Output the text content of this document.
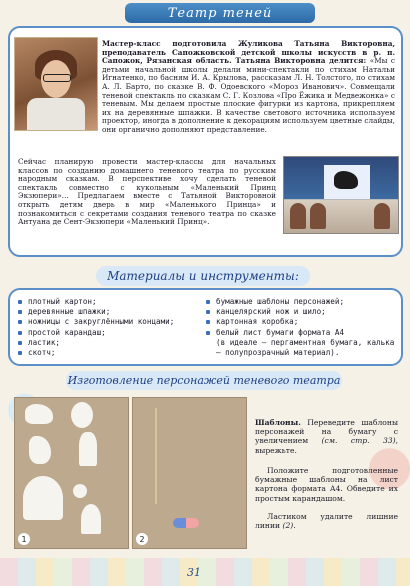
Театр теней

Мастер-класс подготовила Жуликова Татьяна Викторовна, преподаватель Сапожковской детской школы искусств в р. п. Сапожок, Рязанская область. Татьяна Викторовна делится: «Мы с детьми начальной школы делали мини-спектакли по стихам Натальи Игнатенко, по басням И. А. Крылова, рассказам Л. Н. Толстого, по стихам А. Л. Барто, по сказке В. Ф. Одоевского «Мороз Иванович». Совмещали теневой спектакль по сказкам С. Г. Козлова «Про Ёжика и Медвежонка» с теневым. Мы делаем простые плоские фигурки из картона, прикрепляем их на деревянные шпажки. В качестве светового источника используем проектор, иногда в дополнение к декорациям используем цветные слайды, они органично дополняют представление.

Сейчас планирую провести мастер-классы для начальных классов по созданию домашнего теневого театра по русским народным сказкам. В перспективе хочу сделать теневой спектакль совместно с кукольным «Маленький Принц Экзюпери»… Предлагаем вместе с Татьяной Викторовной открыть детям дверь в мир «Маленького Принца» и познакомиться с секретами создания теневого театра по сказке Антуана де Сент-Экзюпери «Маленький Принц».

Материалы и инструменты:
плотный картон;
деревянные шпажки;
ножницы с закруглёнными концами;
простой карандаш;
ластик;
скотч;
бумажные шаблоны персонажей;
канцелярский нож и шило;
картонная коробка;
белый лист бумаги формата А4
(в идеале — пергаментная бумага, калька — полупрозрачный материал).
Изготовление персонажей теневого театра
1	2

Шаблоны. Переведите шаблоны персонажей на бумагу с увеличением (см. стр. 33), вырежьте.

Положите подготовленные бумажные шаблоны на лист картона формата А4. Обведите их простым карандашом.

Ластиком удалите лишние линии (2).

31
